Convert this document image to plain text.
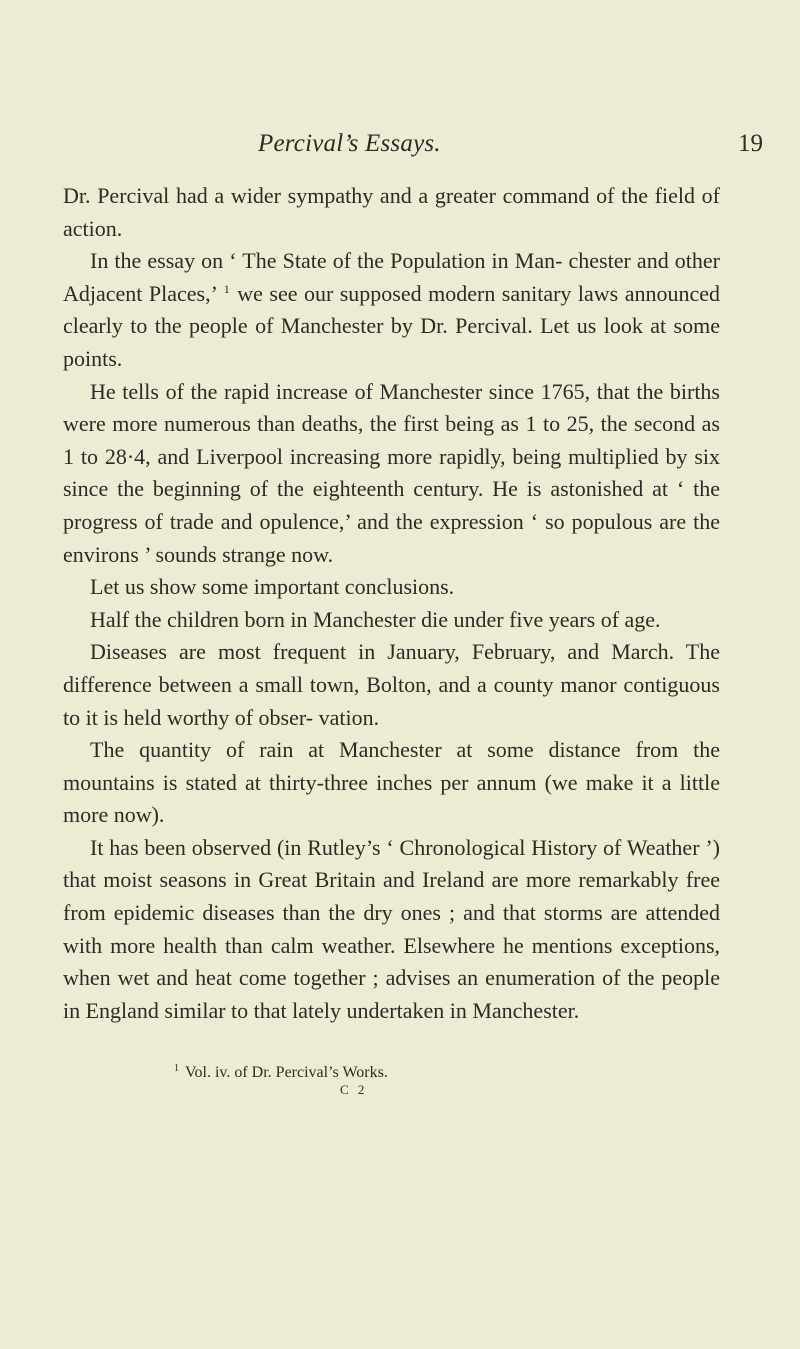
Percival’s Essays.	19

Dr. Percival had a wider sympathy and a greater command of the field of action.

In the essay on ‘ The State of the Population in Man- chester and other Adjacent Places,’ $^1$ we see our supposed modern sanitary laws announced clearly to the people of Manchester by Dr. Percival. Let us look at some points.

He tells of the rapid increase of Manchester since 1765, that the births were more numerous than deaths, the first being as 1 to 25, the second as 1 to 28·4, and Liverpool increasing more rapidly, being multiplied by six since the beginning of the eighteenth century. He is astonished at ‘ the progress of trade and opulence,’ and the expression ‘ so populous are the environs ’ sounds strange now.

Let us show some important conclusions.

Half the children born in Manchester die under five years of age.

Diseases are most frequent in January, February, and March. The difference between a small town, Bolton, and a county manor contiguous to it is held worthy of obser- vation.

The quantity of rain at Manchester at some distance from the mountains is stated at thirty-three inches per annum (we make it a little more now).

It has been observed (in Rutley’s ‘ Chronological History of Weather ’) that moist seasons in Great Britain and Ireland are more remarkably free from epidemic diseases than the dry ones ; and that storms are attended with more health than calm weather. Elsewhere he mentions exceptions, when wet and heat come together ; advises an enumeration of the people in England similar to that lately undertaken in Manchester.

$^1$ Vol. iv. of Dr. Percival’s Works.
C 2
